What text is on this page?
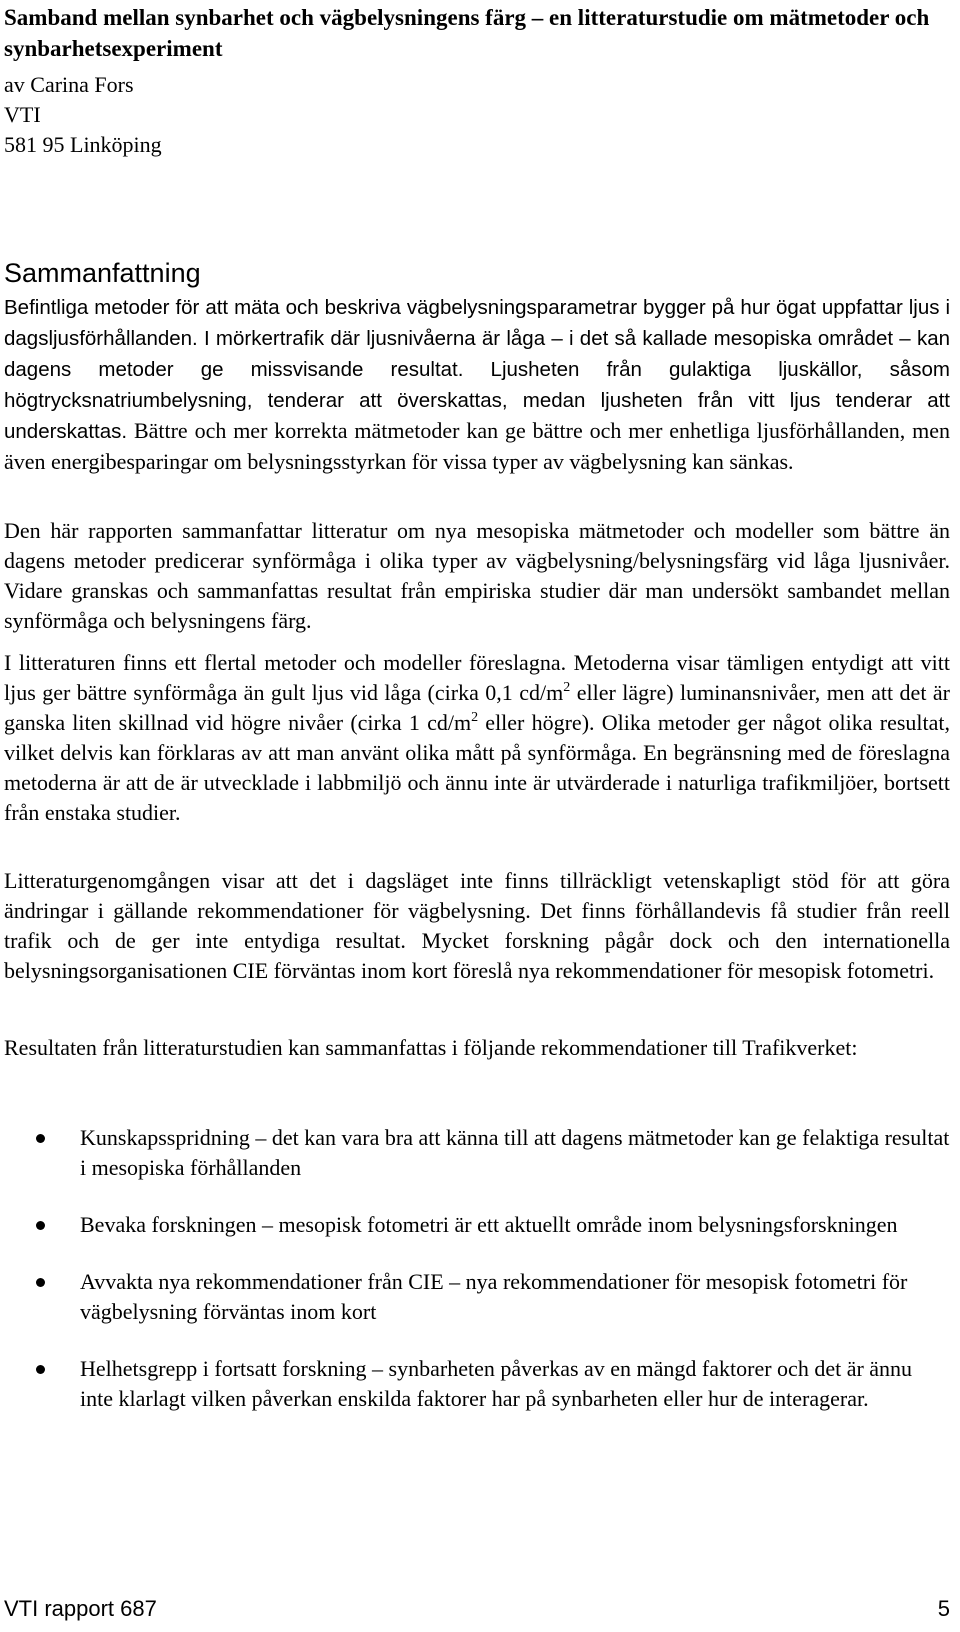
Samband mellan synbarhet och vägbelysningens färg – en litteraturstudie om mätmetoder och synbarhetsexperiment

av Carina Fors

VTI

581 95 Linköping

Sammanfattning

Befintliga metoder för att mäta och beskriva vägbelysningsparametrar bygger på hur ögat uppfattar ljus i dagsljusförhållanden. I mörkertrafik där ljusnivåerna är låga – i det så kallade mesopiska området – kan dagens metoder ge missvisande resultat. Ljusheten från gulaktiga ljuskällor, såsom högtrycksnatriumbelysning, tenderar att överskattas, medan ljusheten från vitt ljus tenderar att underskattas. Bättre och mer korrekta mätmetoder kan ge bättre och mer enhetliga ljusförhållanden, men även energibesparingar om belysningsstyrkan för vissa typer av vägbelysning kan sänkas.

Den här rapporten sammanfattar litteratur om nya mesopiska mätmetoder och modeller som bättre än dagens metoder predicerar synförmåga i olika typer av vägbelysning/belysningsfärg vid låga ljusnivåer. Vidare granskas och sammanfattas resultat från empiriska studier där man undersökt sambandet mellan synförmåga och belysningens färg.

I litteraturen finns ett flertal metoder och modeller föreslagna. Metoderna visar tämligen entydigt att vitt ljus ger bättre synförmåga än gult ljus vid låga (cirka 0,1 $cd/m^2$ eller lägre) luminansnivåer, men att det är ganska liten skillnad vid högre nivåer (cirka 1 $cd/m^2$ eller högre). Olika metoder ger något olika resultat, vilket delvis kan förklaras av att man använt olika mått på synförmåga. En begränsning med de föreslagna metoderna är att de är utvecklade i labbmiljö och ännu inte är utvärderade i naturliga trafikmiljöer, bortsett från enstaka studier.

Litteraturgenomgången visar att det i dagsläget inte finns tillräckligt vetenskapligt stöd för att göra ändringar i gällande rekommendationer för vägbelysning. Det finns förhållandevis få studier från reell trafik och de ger inte entydiga resultat. Mycket forskning pågår dock och den internationella belysningsorganisationen CIE förväntas inom kort föreslå nya rekommendationer för mesopisk fotometri.

Resultaten från litteraturstudien kan sammanfattas i följande rekommendationer till Trafikverket:

Kunskapsspridning – det kan vara bra att känna till att dagens mätmetoder kan ge felaktiga resultat i mesopiska förhållanden
Bevaka forskningen – mesopisk fotometri är ett aktuellt område inom belysningsforskningen
Avvakta nya rekommendationer från CIE – nya rekommendationer för mesopisk fotometri för vägbelysning förväntas inom kort
Helhetsgrepp i fortsatt forskning – synbarheten påverkas av en mängd faktorer och det är ännu inte klarlagt vilken påverkan enskilda faktorer har på synbarheten eller hur de interagerar.
VTI rapport 687	5
